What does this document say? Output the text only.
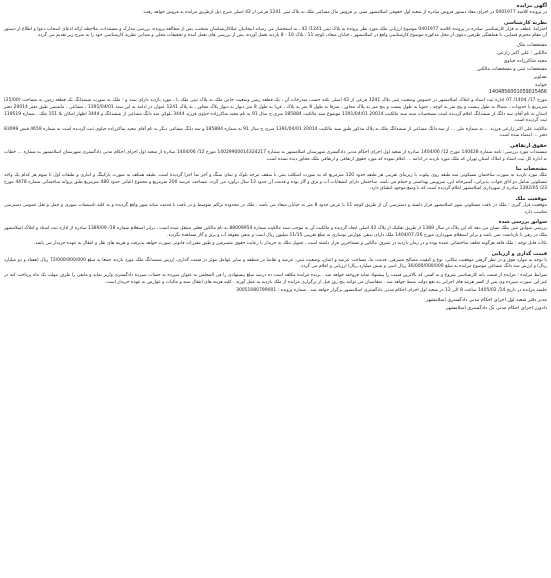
آگهی مزایده

در پرونده کلاسه 0401977 در اجرای مفاد دستور فروش صادره از شعبه اول حقوقی اسلامشهر مبنی بر فروش مال مشاعی ملک به پلاک ثبتی 1241 فرعی از 42 اصلی شرح ذیل ازطریق مزایده به فروش خواهد رفت:

نظریه کارشناسی

احتراما، عطف به قرار کارشناسی صادره در پرونده کلاسه 0401977 موضوع ارزیابی ملک مورد نظر پرونده به پلاک ثبتی 1241/ 42 ، به استحضار می رساند اینجانبان عیلاکارشناسان منتخب، پس از مطالعه پرونده، بررسی مدارک و مستندات، ملاحظه ارائه ادعای اصحاب دعوا و اطلاع از دستور آن مقام محترم قضایی، با هماهنگی طرفین دعوی از محل مذکوره موضوع کارشناسی واقع در اسلامشهر ، خیابان میعاد، کوچه 11 ، پلاک 10 - 8 بازدید بعمل آورده، پس از بررسی های بعمل آمده و تحقیقات محلی و میدانی نظریه کارشناسی خود را به شرح زیر تقدیم می گردد.

مشخصات ملک

مالکین : علی اکبر زارعی

مجید شاکرزاده خیاوی

مشخصات ثبتی و مشخصات مالکین

تصاویر

جوابیه

1404856001059015466

مورخ 17/ 1404/ 07 اداره ثبت اسناد و املاک اسلامشهر در خصوص وضعیت ثبتی پلاک 1241 فرعی از 42 اصلی نکته حسب مندرجات آن ، یک قطعه زمین وضعیت خاص ملک به پلاک ثبتی ملک با ، مورد بازدید دارای سند و ؛ ملک به صورت ششدانگ یک قطعه زمین به مساحت (25/00) مترمربع با حدودات ، شمالا به طول بیست و پنج متر به کوچه ، جنوبا به طول بیست و پنج متر به پلاک مجاور ، شرقا به طول 8 متر به پلاک ، غربا به طول 8 متر دیوار به دیوار پلاک مجاور ، به پلاک 1241 عنوان در ادامه به این سند 1391/04/01 ، مشاعی ، ماشیمن طبق دفتر 20014 دفتر استان به نام آقای سه دانگ از ششدانگ اعلام گردیده است مشخصات سند سند مالکیت 20014 1391/04/01 موضوع سند مالکیت 185884 سری ج سال 91 به نام مجید شاکرزاده خیاوی فرزند 3444 بلوکی سه دانگ مشاعی از ششدانگ و 3444 اظهار امکان بلا 151 ملک ، شماره 119519 ثبت گردیده است.

مالکیت علی اکبر زارعی فرزند ... به شماره ملی ... از سه دانگ مشاعی از ششدانگ ملک به پلاک مذکور طبق سند مالکیت 20014 1391/04/01 سری ج سال 91 به شماره 185884 و سه دانگ مشاعی دیگر به نام آقای مجید شاکرزاده خیاوی ثبت گردیده است به شماره 4659 قبض 83099 دفتر ... امضاء شده است.

حقوق ارتفاقی

مستندات مورد بررسی: نامه شماره 140428 مورخ 12/ 1404/06 صادره از شعبه اول اجرای احکام مدنی دادگستری شهرستان اسلامشهر به شماره 14029900014324217 مورخ 12/ 1404/06 صادره از شعبه اول اجرای احکام مدنی دادگستری شهرستان اسلامشهر به شماره ... خطاب به اداره کل ثبت اسناد و املاک استان تهران که ملک مورد بازدید در ادامه ... اعلام نموده که مورد حقوق ارتفاقی و ارتفاقی ملک مجاور دیده نشده است.

مشخصات بنا

ملک مورد بازدید به صورت ساختمان مسکونی سه طبقه روی پیلوت با زیربنای تقریبی هر طبقه حدود 120 مترمربع که به صورت اسکلت بتنی با سقف تیرچه بلوک و نمای سنگ و آجر نما اجرا گردیده است. طبقه همکف به صورت پارکینگ و انباری و طبقات اول تا سوم هر کدام یک واحد مسکونی شامل دو اتاق خواب، پذیرایی، آشپزخانه اپن، سرویس بهداشتی و حمام می باشد. ساختمان دارای انشعابات آب و برق و گاز بوده و قدمت آن حدود 12 سال برآورد می گردد. مساحت عرصه 200 مترمربع و مجموع اعیانی حدود 480 مترمربع طبق پروانه ساختمانی شماره 4478 مورخ 23/ 1392/05 صادره از شهرداری اسلامشهر اعلام گردیده است که با وضع موجود انطباق دارد.

موقعیت ملک

موقعیت قرار گیری : ملک در بافت مسکونی شهر اسلامشهر قرار داشته و دسترسی آن از طریق کوچه 11 با عرض حدود 8 متر به خیابان میعاد می باشد . ملک در محدوده تراکم متوسط و در بافت با قدمت میانه شهر واقع گردیده و به کلیه تاسیسات شهری و حمل و نقل عمومی دسترسی مناسب دارد.

سوابق بررسی شده

بررسی سوابق ثبتی ملک نشان می دهد که این پلاک در سال 1389 از طریق تفکیک از پلاک 42 اصلی ایجاد گردیده و مالکیت آن به موجب سند مالکیت شماره 88009954 به نام مالکین فعلی منتقل شده است ، برابر استعلام شماره 18/ 1389/09 صادره از اداره ثبت اسناد و املاک اسلامشهر ملک در رهن یا بازداشت نمی باشد و برابر استعلام شهرداری مورخ 26/ 1404/07 ملک دارای بدهی عوارض نوسازی به مبلغ تقریبی 11/15 میلیون ریال است و بدهی معوقه آب و برق و گاز مشاهده نگردید.

نکات قابل توجه : ملک فاقد هرگونه تخلف ساختمانی عمده بوده و در زمان بازدید در تصرف مالکین و مستاجرین قرار داشته است . تحویل ملک به خریدار با رعایت حقوق متصرفین و طبق مقررات قانونی صورت خواهد پذیرفت و هزینه های نقل و انتقال به عهده خریدار می باشد.

قیمت گذاری و ارزیابی

با توجه به موارد فوق و در نظر گرفتن موقعیت مکانی، نوع و کیفیت مصالح مصرفی، قدمت بنا، مساحت عرصه و اعیان، وضعیت ثبتی، عرضه و تقاضا در منطقه و سایر عوامل موثر در قیمت گذاری، ارزش ششدانگ ملک مورد بازدید جمعا به مبلغ 72/000/000/000 ریال (هفتاد و دو میلیارد ریال) و ارزش سه دانگ مشاعی موضوع مزایده به مبلغ 36/000/000/000 ریال (سی و شش میلیارد ریال) ارزیابی و اعلام می گردد.

شرایط مزایده : مزایده از قیمت پایه کارشناسی شروع و به کسی که بالاترین قیمت را پیشنهاد نماید فروخته خواهد شد . برنده مزایده مکلف است ده درصد مبلغ پیشنهادی را فی المجلس به عنوان سپرده به حساب سپرده دادگستری واریز نماید و مابقی را ظرف مهلت یک ماه پرداخت کند در غیر این صورت سپرده وی پس از کسر هزینه های اجرایی به نفع دولت ضبط خواهد شد . متقاضیان می توانند پنج روز قبل از برگزاری مزایده از ملک بازدید به عمل آورند . کلیه هزینه های انتقال سند و مالیات و عوارض به عهده خریدار است.

جلسه مزایده در تاریخ 14/ 1405/02 ساعت 8 الی 12 در شعبه اول اجرای احکام مدنی دادگستری اسلامشهر برگزار خواهد شد . شماره پرونده : 30051080799001

مدیر دفتر شعبه اول اجرای احکام مدنی دادگستری اسلامشهر

دادورز اجرای احکام مدنی یک دادگستری اسلامشهر
